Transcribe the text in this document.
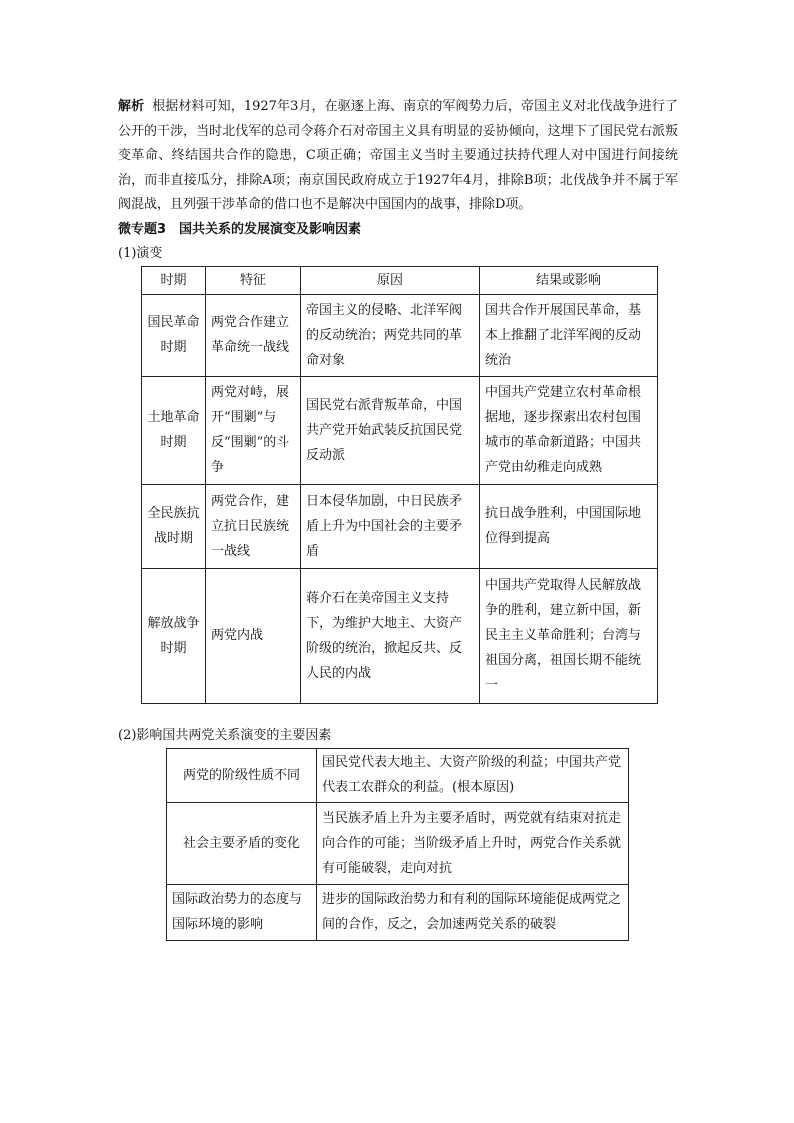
解析 根据材料可知，1927年3月，在驱逐上海、南京的军阀势力后，帝国主义对北伐战争进行了公开的干涉，当时北伐军的总司令蒋介石对帝国主义具有明显的妥协倾向，这埋下了国民党右派叛变革命、终结国共合作的隐患，C项正确；帝国主义当时主要通过扶持代理人对中国进行间接统治，而非直接瓜分，排除A项；南京国民政府成立于1927年4月，排除B项；北伐战争并不属于军阀混战，且列强干涉革命的借口也不是解决中国国内的战事，排除D项。

微专题3　国共关系的发展演变及影响因素

(1)演变

时期	特征	原因	结果或影响
国民革命时期	两党合作建立革命统一战线	帝国主义的侵略、北洋军阀的反动统治；两党共同的革命对象	国共合作开展国民革命，基本上推翻了北洋军阀的反动统治
土地革命时期	两党对峙，展开“围剿”与反“围剿”的斗争	国民党右派背叛革命，中国共产党开始武装反抗国民党反动派	中国共产党建立农村革命根据地，逐步探索出农村包围城市的革命新道路；中国共产党由幼稚走向成熟
全民族抗战时期	两党合作，建立抗日民族统一战线	日本侵华加剧，中日民族矛盾上升为中国社会的主要矛盾	抗日战争胜利，中国国际地位得到提高
解放战争时期	两党内战	蒋介石在美帝国主义支持下，为维护大地主、大资产阶级的统治，掀起反共、反人民的内战	中国共产党取得人民解放战争的胜利，建立新中国，新民主主义革命胜利；台湾与祖国分离，祖国长期不能统一

(2)影响国共两党关系演变的主要因素

两党的阶级性质不同	国民党代表大地主、大资产阶级的利益；中国共产党代表工农群众的利益。(根本原因)
社会主要矛盾的变化	当民族矛盾上升为主要矛盾时，两党就有结束对抗走向合作的可能；当阶级矛盾上升时，两党合作关系就有可能破裂，走向对抗
国际政治势力的态度与国际环境的影响	进步的国际政治势力和有利的国际环境能促成两党之间的合作，反之，会加速两党关系的破裂
